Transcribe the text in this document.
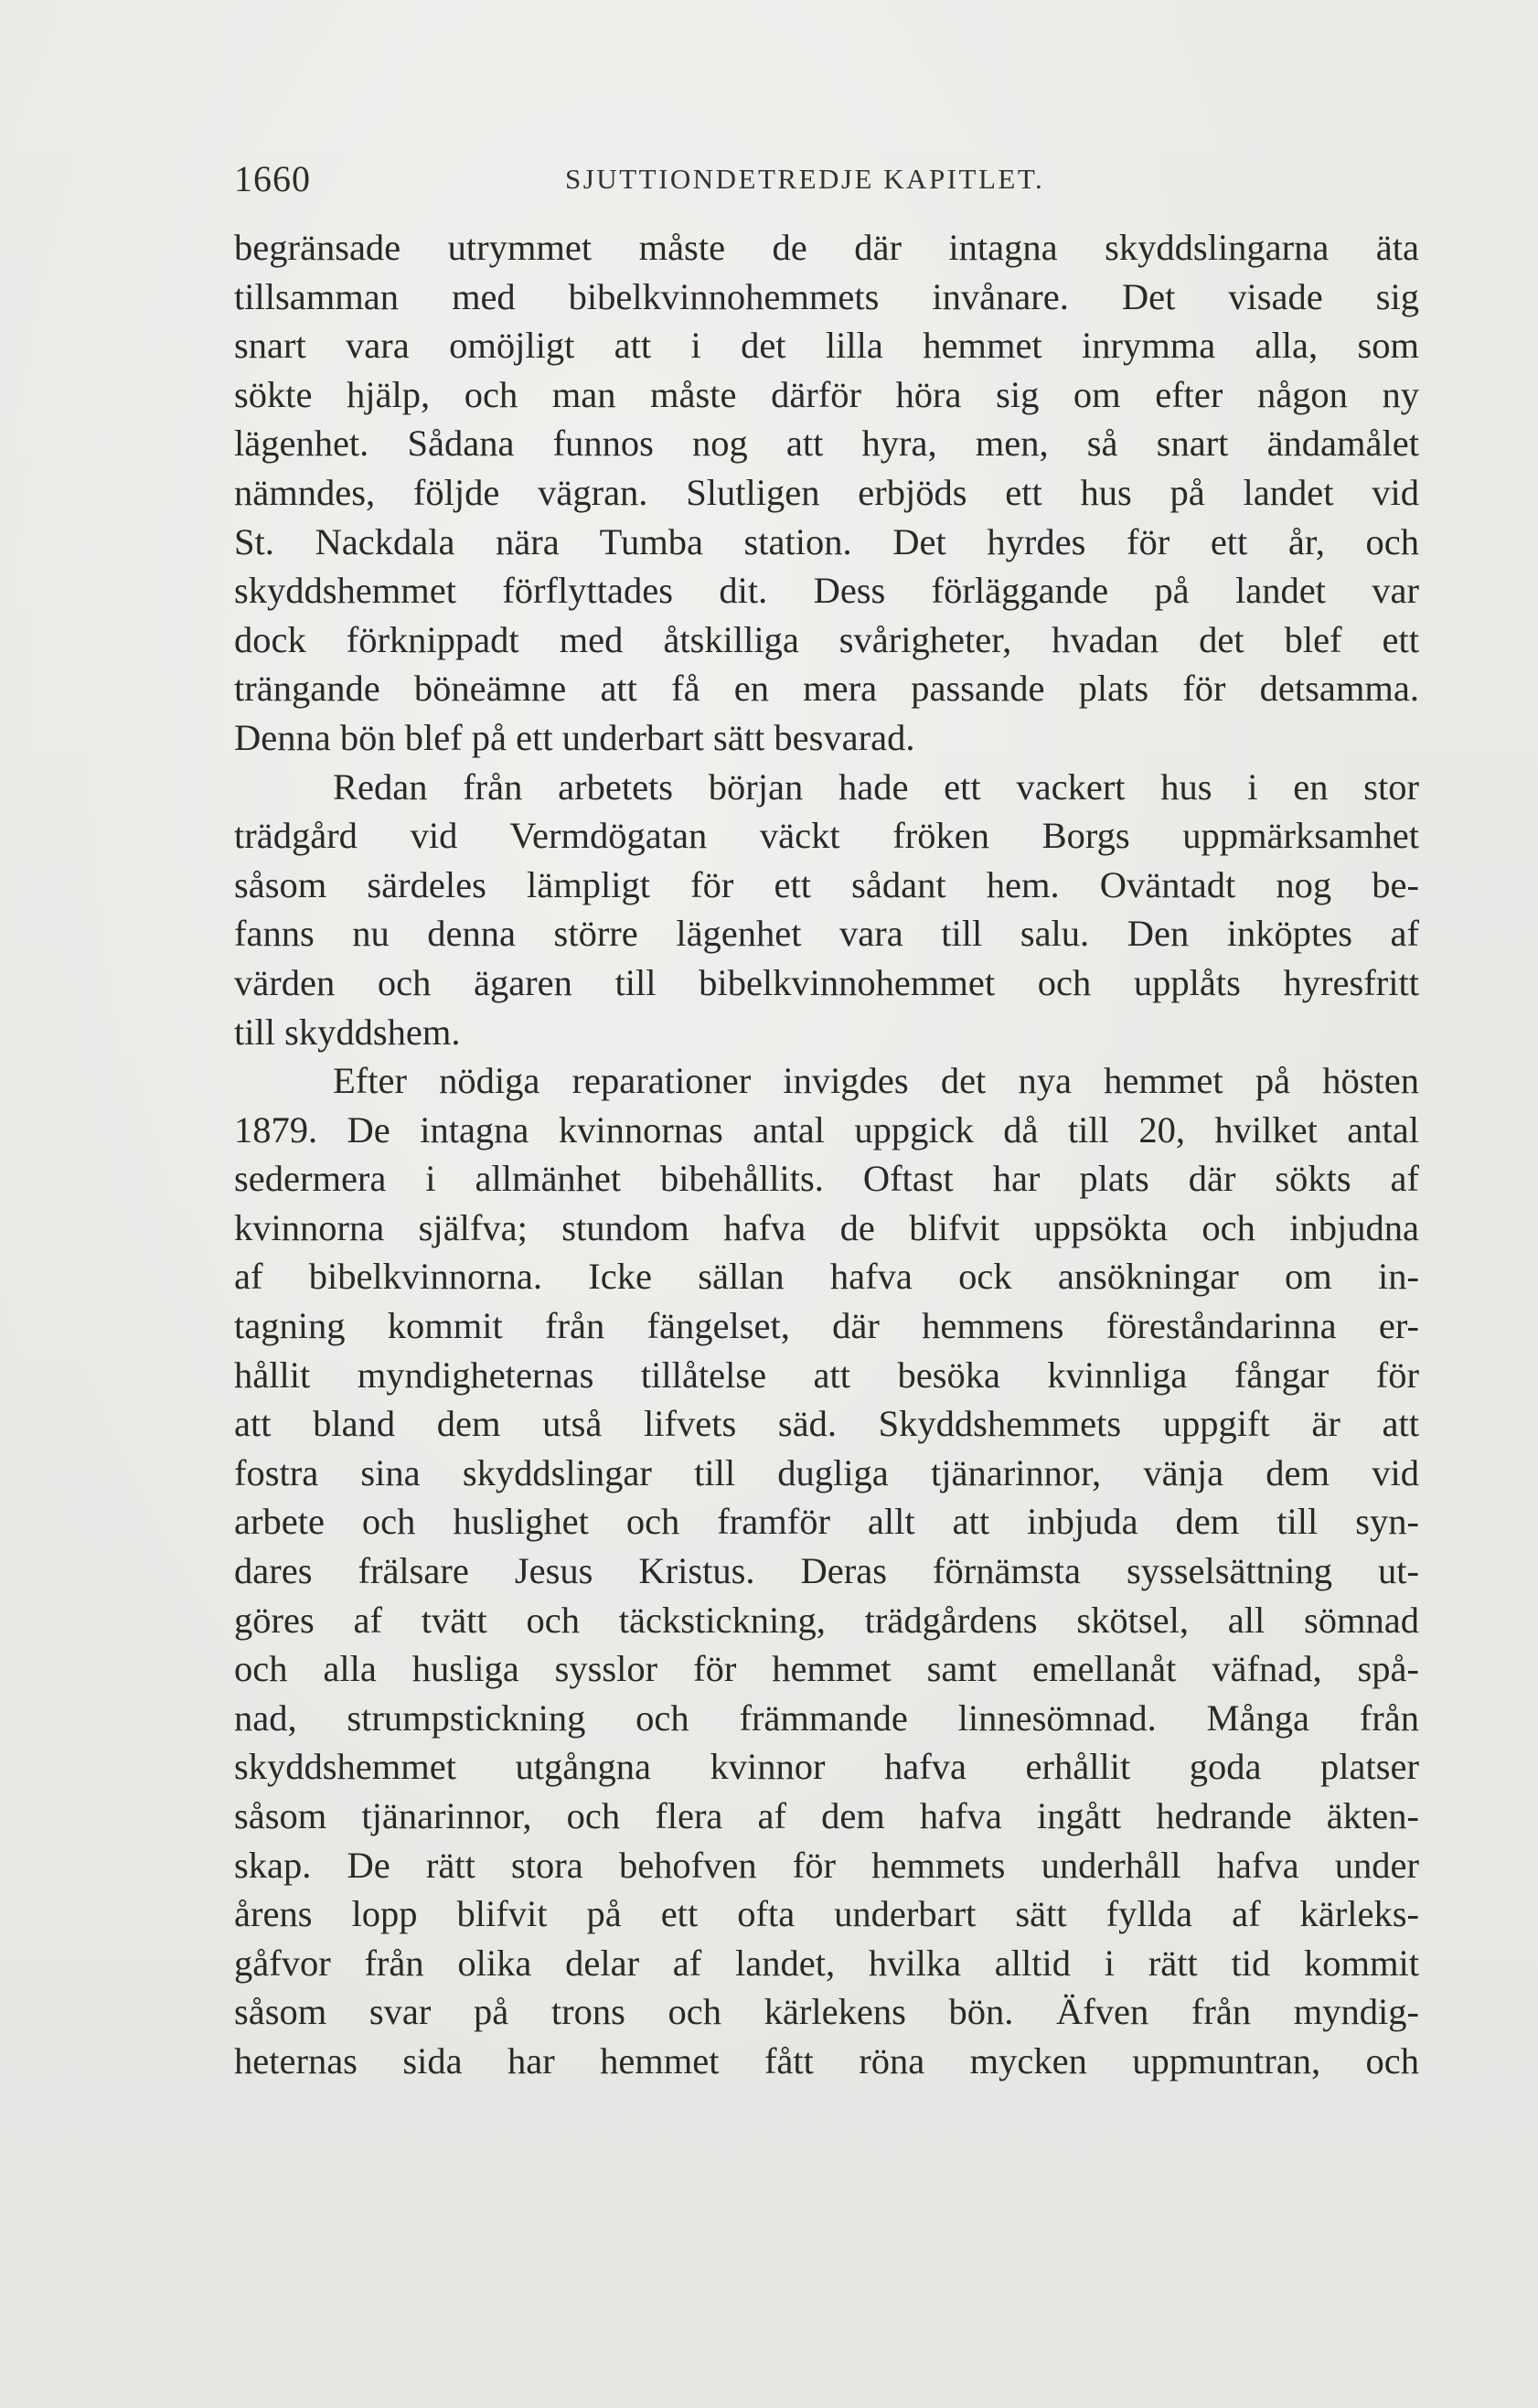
1660	SJUTTIONDETREDJE KAPITLET.
begränsade utrymmet måste de där intagna skyddslingarna äta
tillsamman med bibelkvinnohemmets invånare. Det visade sig
snart vara omöjligt att i det lilla hemmet inrymma alla, som
sökte hjälp, och man måste därför höra sig om efter någon ny
lägenhet. Sådana funnos nog att hyra, men, så snart ändamålet
nämndes, följde vägran. Slutligen erbjöds ett hus på landet vid
St. Nackdala nära Tumba station. Det hyrdes för ett år, och
skyddshemmet förflyttades dit. Dess förläggande på landet var
dock förknippadt med åtskilliga svårigheter, hvadan det blef ett
trängande böneämne att få en mera passande plats för detsamma.
Denna bön blef på ett underbart sätt besvarad.
Redan från arbetets början hade ett vackert hus i en stor
trädgård vid Vermdögatan väckt fröken Borgs uppmärksamhet
såsom särdeles lämpligt för ett sådant hem. Oväntadt nog be-
fanns nu denna större lägenhet vara till salu. Den inköptes af
värden och ägaren till bibelkvinnohemmet och upplåts hyresfritt
till skyddshem.
Efter nödiga reparationer invigdes det nya hemmet på hösten
1879. De intagna kvinnornas antal uppgick då till 20, hvilket antal
sedermera i allmänhet bibehållits. Oftast har plats där sökts af
kvinnorna själfva; stundom hafva de blifvit uppsökta och inbjudna
af bibelkvinnorna. Icke sällan hafva ock ansökningar om in-
tagning kommit från fängelset, där hemmens föreståndarinna er-
hållit myndigheternas tillåtelse att besöka kvinnliga fångar för
att bland dem utså lifvets säd. Skyddshemmets uppgift är att
fostra sina skyddslingar till dugliga tjänarinnor, vänja dem vid
arbete och huslighet och framför allt att inbjuda dem till syn-
dares frälsare Jesus Kristus. Deras förnämsta sysselsättning ut-
göres af tvätt och täckstickning, trädgårdens skötsel, all sömnad
och alla husliga sysslor för hemmet samt emellanåt väfnad, spå-
nad, strumpstickning och främmande linnesömnad. Många från
skyddshemmet utgångna kvinnor hafva erhållit goda platser
såsom tjänarinnor, och flera af dem hafva ingått hedrande äkten-
skap. De rätt stora behofven för hemmets underhåll hafva under
årens lopp blifvit på ett ofta underbart sätt fyllda af kärleks-
gåfvor från olika delar af landet, hvilka alltid i rätt tid kommit
såsom svar på trons och kärlekens bön. Äfven från myndig-
heternas sida har hemmet fått röna mycken uppmuntran, och
